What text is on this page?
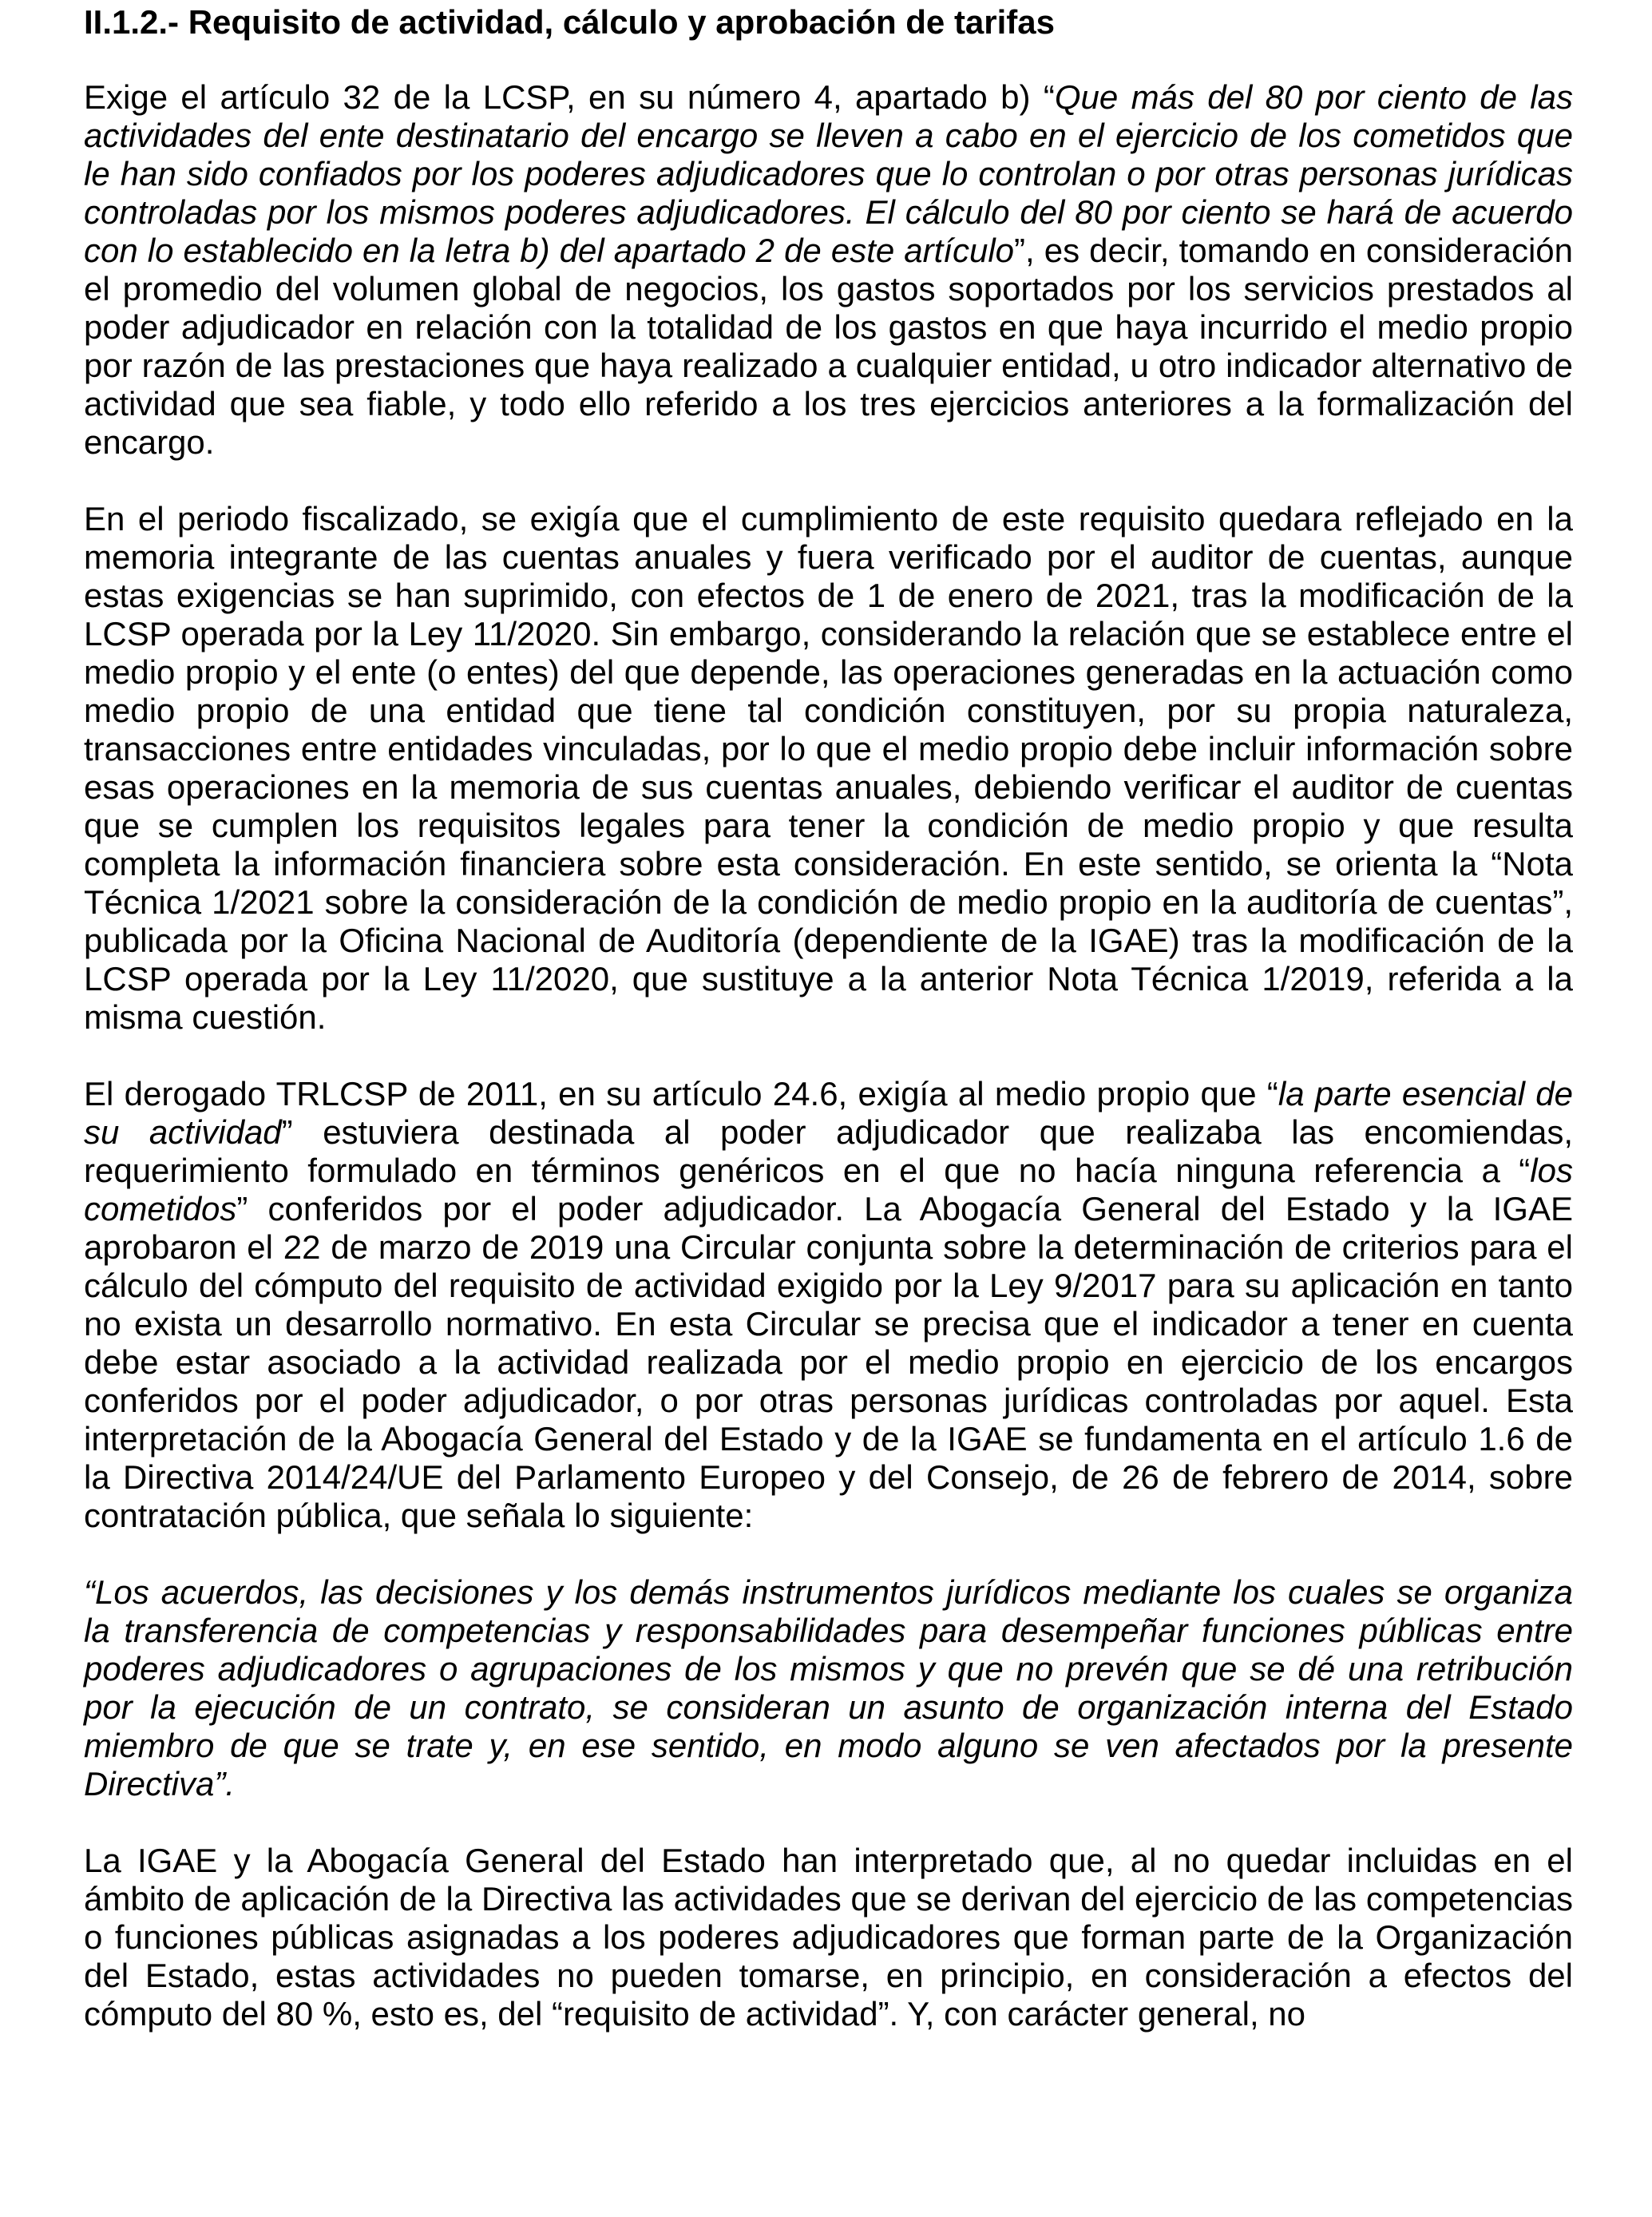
II.1.2.- Requisito de actividad, cálculo y aprobación de tarifas

Exige el artículo 32 de la LCSP, en su número 4, apartado b) “Que más del 80 por ciento de las actividades del ente destinatario del encargo se lleven a cabo en el ejercicio de los cometidos que le han sido confiados por los poderes adjudicadores que lo controlan o por otras personas jurídicas controladas por los mismos poderes adjudicadores. El cálculo del 80 por ciento se hará de acuerdo con lo establecido en la letra b) del apartado 2 de este artículo”, es decir, tomando en consideración el promedio del volumen global de negocios, los gastos soportados por los servicios prestados al poder adjudicador en relación con la totalidad de los gastos en que haya incurrido el medio propio por razón de las prestaciones que haya realizado a cualquier entidad, u otro indicador alternativo de actividad que sea fiable, y todo ello referido a los tres ejercicios anteriores a la formalización del encargo.

En el periodo fiscalizado, se exigía que el cumplimiento de este requisito quedara reflejado en la memoria integrante de las cuentas anuales y fuera verificado por el auditor de cuentas, aunque estas exigencias se han suprimido, con efectos de 1 de enero de 2021, tras la modificación de la LCSP operada por la Ley 11/2020. Sin embargo, considerando la relación que se establece entre el medio propio y el ente (o entes) del que depende, las operaciones generadas en la actuación como medio propio de una entidad que tiene tal condición constituyen, por su propia naturaleza, transacciones entre entidades vinculadas, por lo que el medio propio debe incluir información sobre esas operaciones en la memoria de sus cuentas anuales, debiendo verificar el auditor de cuentas que se cumplen los requisitos legales para tener la condición de medio propio y que resulta completa la información financiera sobre esta consideración. En este sentido, se orienta la “Nota Técnica 1/2021 sobre la consideración de la condición de medio propio en la auditoría de cuentas”, publicada por la Oficina Nacional de Auditoría (dependiente de la IGAE) tras la modificación de la LCSP operada por la Ley 11/2020, que sustituye a la anterior Nota Técnica 1/2019, referida a la misma cuestión.

El derogado TRLCSP de 2011, en su artículo 24.6, exigía al medio propio que “la parte esencial de su actividad” estuviera destinada al poder adjudicador que realizaba las encomiendas, requerimiento formulado en términos genéricos en el que no hacía ninguna referencia a “los cometidos” conferidos por el poder adjudicador. La Abogacía General del Estado y la IGAE aprobaron el 22 de marzo de 2019 una Circular conjunta sobre la determinación de criterios para el cálculo del cómputo del requisito de actividad exigido por la Ley 9/2017 para su aplicación en tanto no exista un desarrollo normativo. En esta Circular se precisa que el indicador a tener en cuenta debe estar asociado a la actividad realizada por el medio propio en ejercicio de los encargos conferidos por el poder adjudicador, o por otras personas jurídicas controladas por aquel. Esta interpretación de la Abogacía General del Estado y de la IGAE se fundamenta en el artículo 1.6 de la Directiva 2014/24/UE del Parlamento Europeo y del Consejo, de 26 de febrero de 2014, sobre contratación pública, que señala lo siguiente:

“Los acuerdos, las decisiones y los demás instrumentos jurídicos mediante los cuales se organiza la transferencia de competencias y responsabilidades para desempeñar funciones públicas entre poderes adjudicadores o agrupaciones de los mismos y que no prevén que se dé una retribución por la ejecución de un contrato, se consideran un asunto de organización interna del Estado miembro de que se trate y, en ese sentido, en modo alguno se ven afectados por la presente Directiva”.

La IGAE y la Abogacía General del Estado han interpretado que, al no quedar incluidas en el ámbito de aplicación de la Directiva las actividades que se derivan del ejercicio de las competencias o funciones públicas asignadas a los poderes adjudicadores que forman parte de la Organización del Estado, estas actividades no pueden tomarse, en principio, en consideración a efectos del cómputo del 80 %, esto es, del “requisito de actividad”. Y, con carácter general, no
